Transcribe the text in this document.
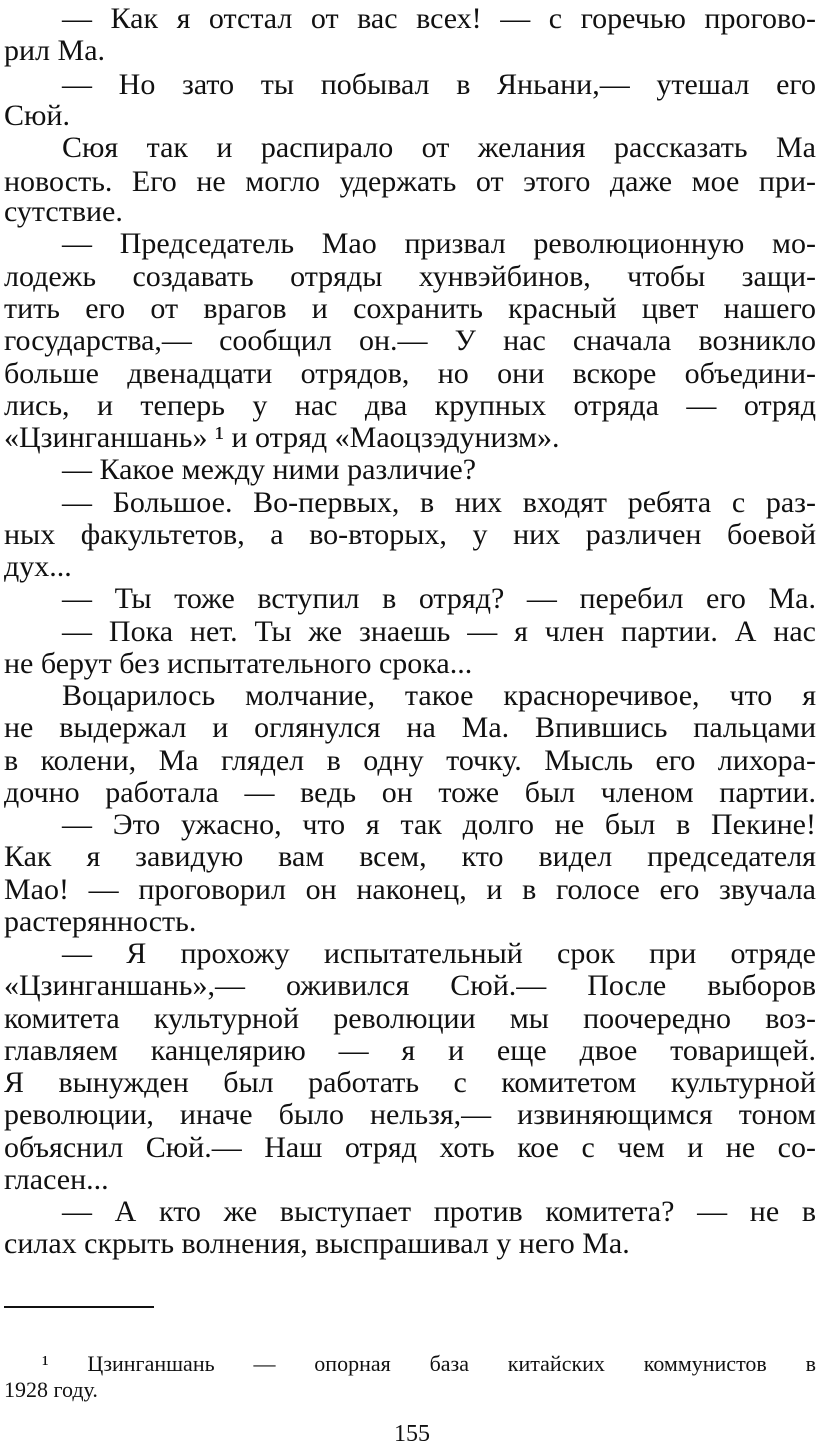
— Как я отстал от вас всех! — с горечью прогово-
рил Ма.
— Но зато ты побывал в Яньани,— утешал его
Сюй.
Сюя так и распирало от желания рассказать Ма
новость. Его не могло удержать от этого даже мое при-
сутствие.
— Председатель Мао призвал революционную мо-
лодежь создавать отряды хунвэйбинов, чтобы защи-
тить его от врагов и сохранить красный цвет нашего
государства,— сообщил он.— У нас сначала возникло
больше двенадцати отрядов, но они вскоре объедини-
лись, и теперь у нас два крупных отряда — отряд
«Цзинганшань» ¹ и отряд «Маоцзэдунизм».
— Какое между ними различие?
— Большое. Во-первых, в них входят ребята с раз-
ных факультетов, а во-вторых, у них различен боевой
дух...
— Ты тоже вступил в отряд? — перебил его Ма.
— Пока нет. Ты же знаешь — я член партии. А нас
не берут без испытательного срока...
Воцарилось молчание, такое красноречивое, что я
не выдержал и оглянулся на Ма. Впившись пальцами
в колени, Ма глядел в одну точку. Мысль его лихора-
дочно работала — ведь он тоже был членом партии.
— Это ужасно, что я так долго не был в Пекине!
Как я завидую вам всем, кто видел председателя
Мао! — проговорил он наконец, и в голосе его звучала
растерянность.
— Я прохожу испытательный срок при отряде
«Цзинганшань»,— оживился Сюй.— После выборов
комитета культурной революции мы поочередно воз-
главляем канцелярию — я и еще двое товарищей.
Я вынужден был работать с комитетом культурной
революции, иначе было нельзя,— извиняющимся тоном
объяснил Сюй.— Наш отряд хоть кое с чем и не со-
гласен...
— А кто же выступает против комитета? — не в
силах скрыть волнения, выспрашивал у него Ма.
¹ Цзинганшань — опорная база китайских коммунистов в
1928 году.
155
